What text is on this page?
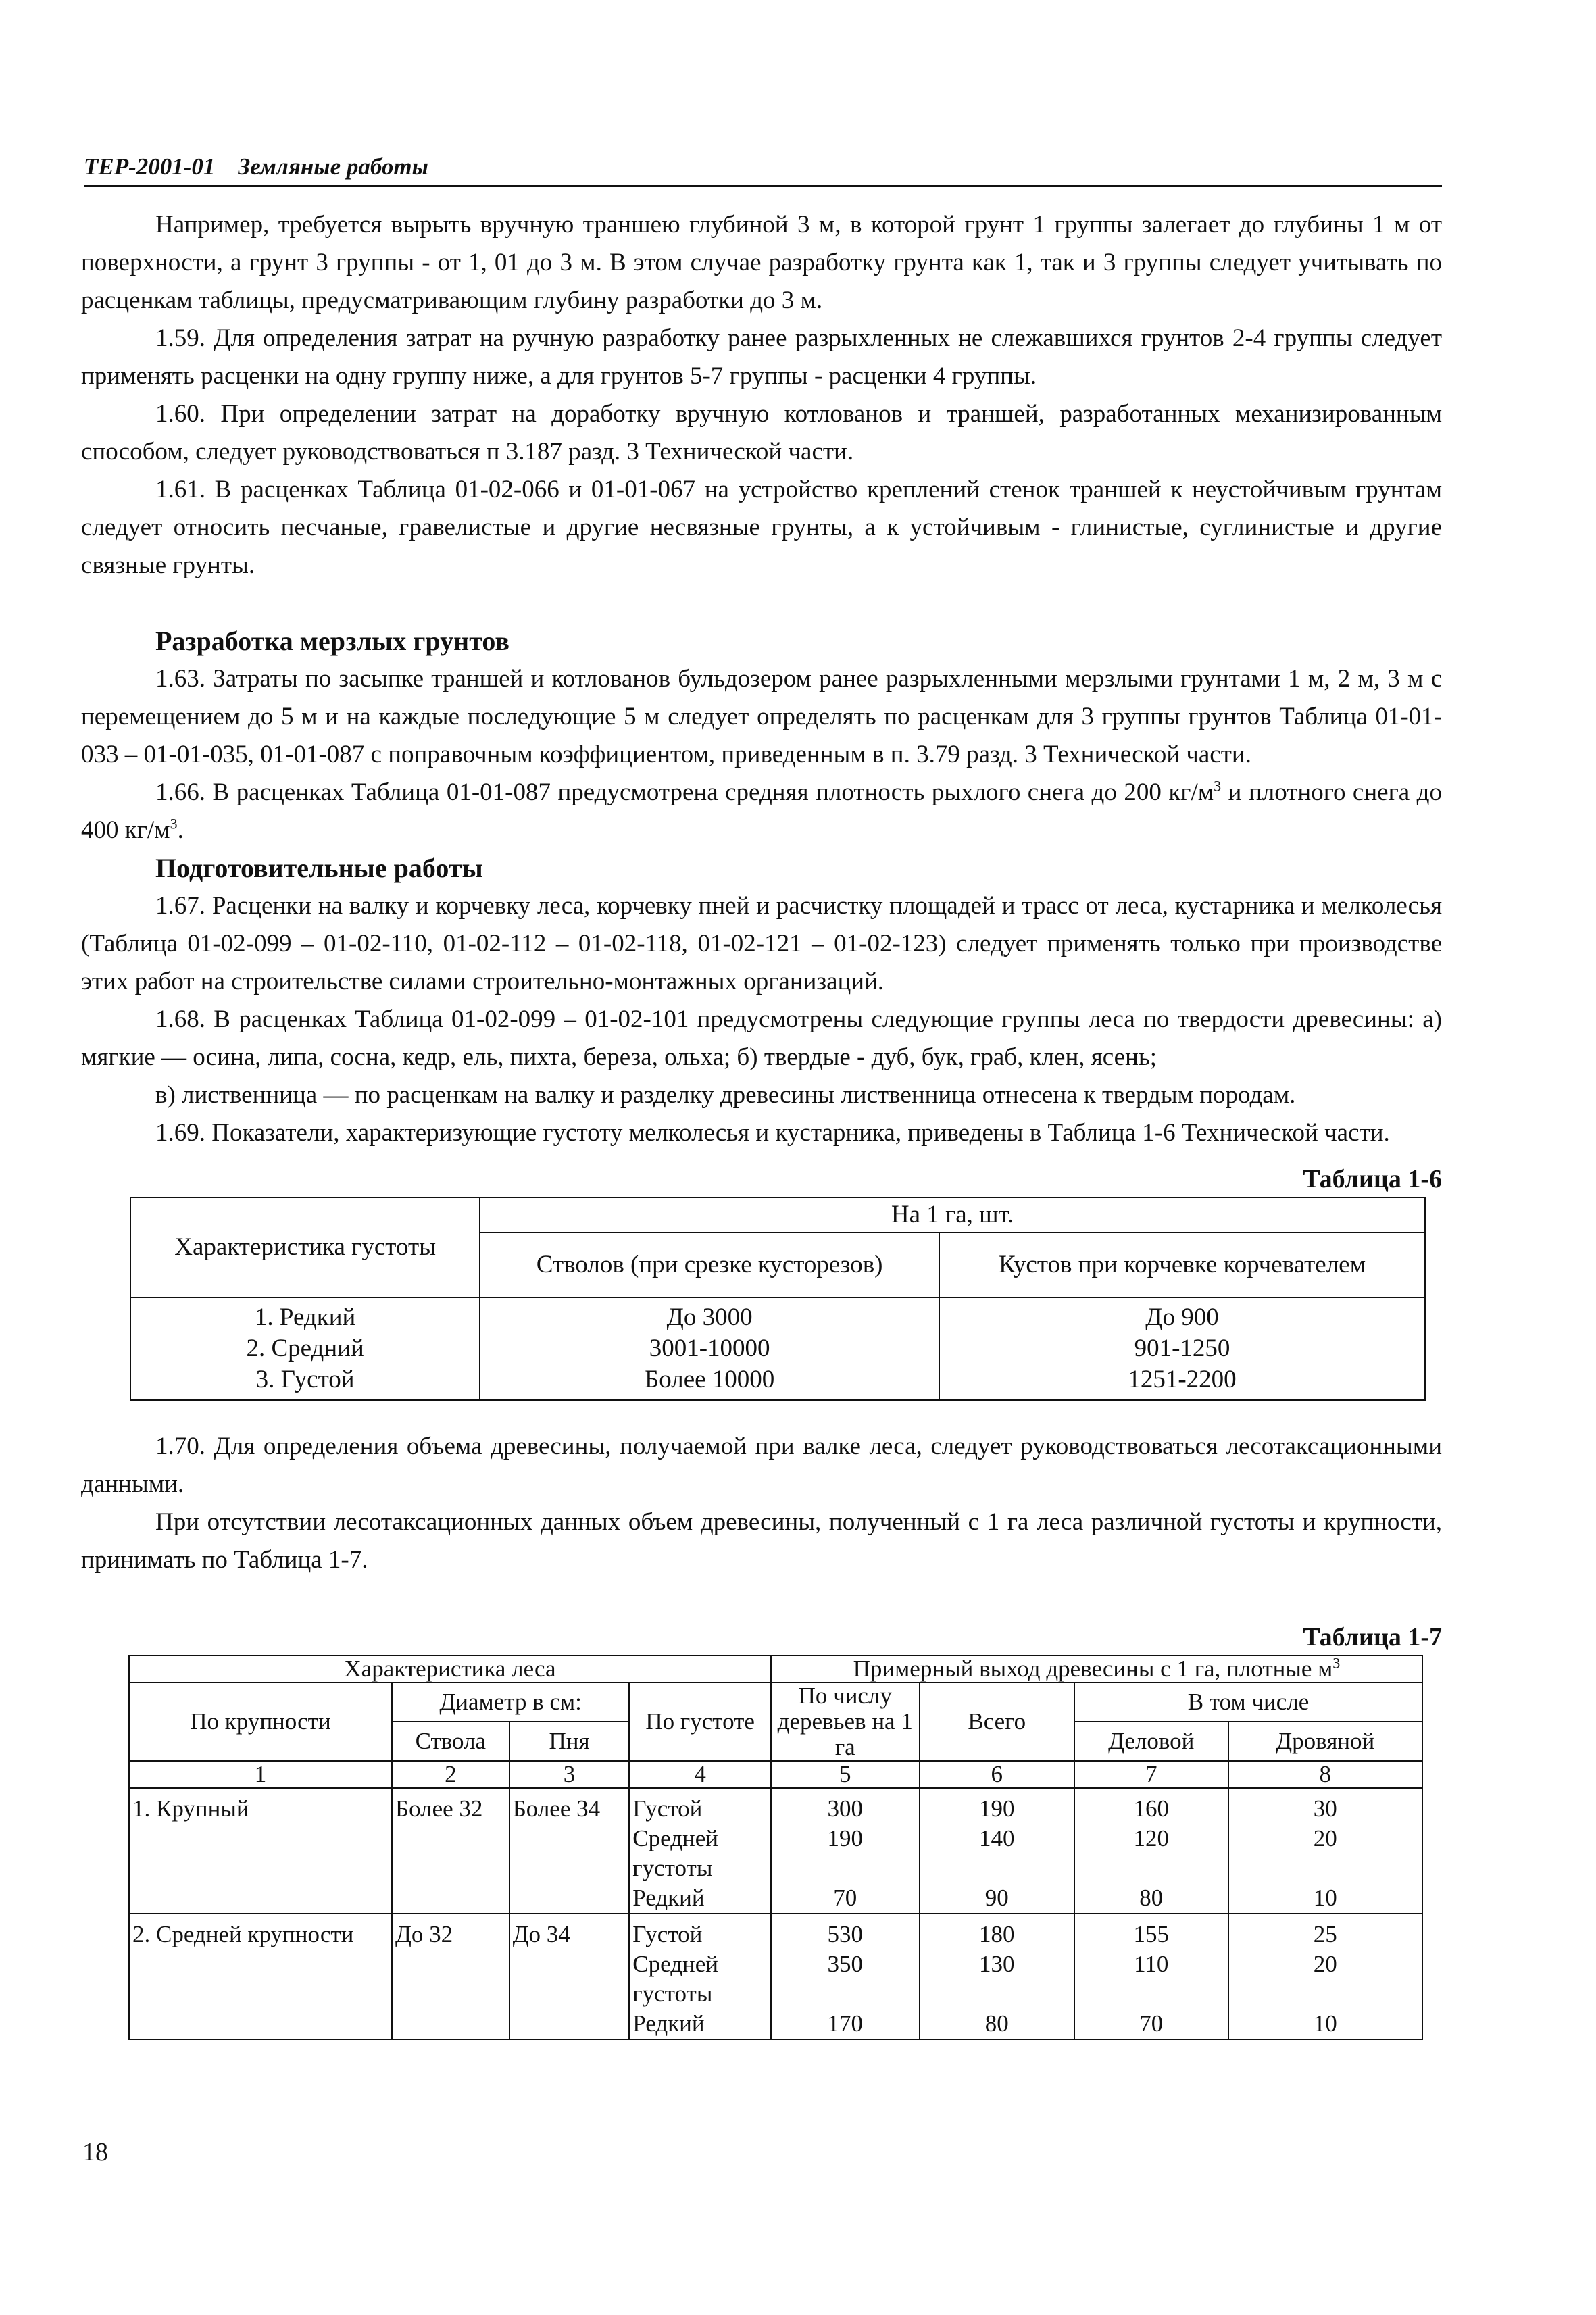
ТЕР-2001-01 Земляные работы

Например, требуется вырыть вручную траншею глубиной 3 м, в которой грунт 1 группы залегает до глубины 1 м от поверхности, а грунт 3 группы - от 1, 01 до 3 м. В этом случае разработку грунта как 1, так и 3 группы следует учитывать по расценкам таблицы, предусматривающим глубину разработки до 3 м.

1.59. Для определения затрат на ручную разработку ранее разрыхленных не слежавшихся грунтов 2-4 группы следует применять расценки на одну группу ниже, а для грунтов 5-7 группы - расценки 4 группы.

1.60. При определении затрат на доработку вручную котлованов и траншей, разработанных механизированным способом, следует руководствоваться п 3.187 разд. 3 Технической части.

1.61. В расценках Таблица 01-02-066 и 01-01-067 на устройство креплений стенок траншей к неустойчивым грунтам следует относить песчаные, гравелистые и другие несвязные грунты, а к устойчивым - глинистые, суглинистые и другие связные грунты.

Разработка мерзлых грунтов

1.63. Затраты по засыпке траншей и котлованов бульдозером ранее разрыхленными мерзлыми грунтами 1 м, 2 м, 3 м с перемещением до 5 м и на каждые последующие 5 м следует определять по расценкам для 3 группы грунтов Таблица 01-01-033 – 01-01-035, 01-01-087 с поправочным коэффициентом, приведенным в п. 3.79 разд. 3 Технической части.

1.66. В расценках Таблица 01-01-087 предусмотрена средняя плотность рыхлого снега до 200 $кг/м^3$ и плотного снега до 400 $кг/м^3$.

Подготовительные работы

1.67. Расценки на валку и корчевку леса, корчевку пней и расчистку площадей и трасс от леса, кустарника и мелколесья (Таблица 01-02-099 – 01-02-110, 01-02-112 – 01-02-118, 01-02-121 – 01-02-123) следует применять только при производстве этих работ на строительстве силами строительно-монтажных организаций.

1.68. В расценках Таблица 01-02-099 – 01-02-101 предусмотрены следующие группы леса по твердости древесины: а) мягкие — осина, липа, сосна, кедр, ель, пихта, береза, ольха; б) твердые - дуб, бук, граб, клен, ясень;

в) лиственница — по расценкам на валку и разделку древесины лиственница отнесена к твердым породам.

1.69. Показатели, характеризующие густоту мелколесья и кустарника, приведены в Таблица 1-6 Технической части.

Таблица 1-6
Характеристика густоты	На 1 га, шт.	
	Стволов (при срезке кусторезов)	Кустов при корчевке корчевателем
1. Редкий	До 3000	До 900
2. Средний	3001-10000	901-1250
3. Густой	Более 10000	1251-2200

1.70. Для определения объема древесины, получаемой при валке леса, следует руководствоваться лесотаксационными данными.

При отсутствии лесотаксационных данных объем древесины, полученный с 1 га леса различной густоты и крупности, принимать по Таблица 1-7.

Таблица 1-7
Характеристика леса				Примерный выход древесины с 1 га, плотные $м^3$
По крупности	Диаметр в см:		По густоте	По числу деревьев на 1 га	Всего	В том числе	
	Ствола	Пня				Деловой	Дровяной
1	2	3	4	5	6	7	8
1. Крупный	Более 32	Более 34	Густой	300	190	160	30
			Средней густоты	190	140	120	20
			Редкий	70	90	80	10
2. Средней крупности	До 32	До 34	Густой	530	180	155	25
			Средней густоты	350	130	110	20
			Редкий	170	80	70	10
18
